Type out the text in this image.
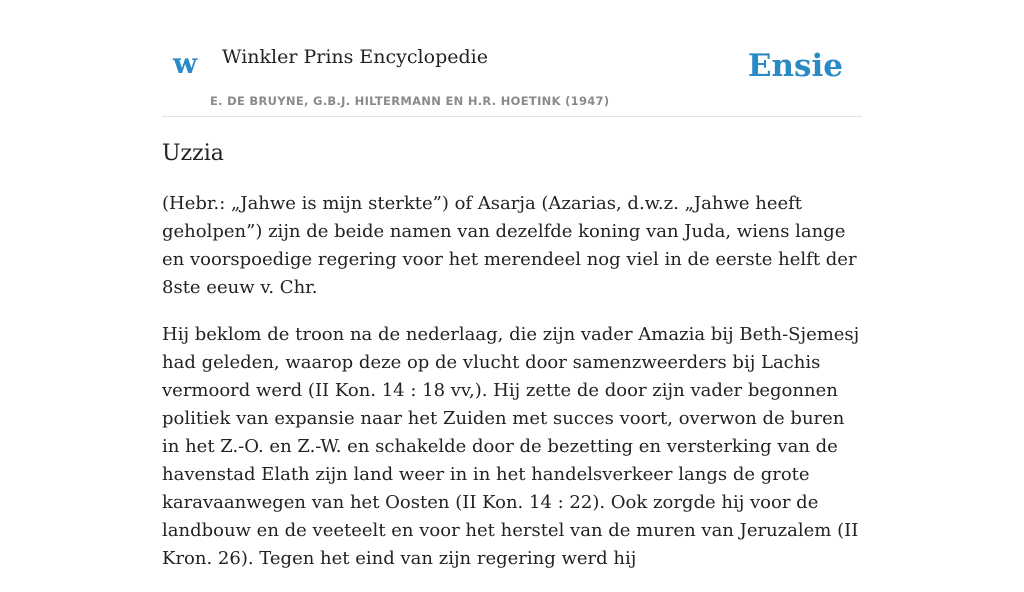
w Winkler Prins Encyclopedie
E. DE BRUYNE, G.B.J. HILTERMANN EN H.R. HOETINK (1947)
Ensie
Uzzia

(Hebr.: „Jahwe is mijn sterkte”) of Asarja (Azarias, d.w.z. „Jahwe heeft geholpen”) zijn de beide namen van dezelfde koning van Juda, wiens lange en voorspoedige regering voor het merendeel nog viel in de eerste helft der 8ste eeuw v. Chr.

Hij beklom de troon na de nederlaag, die zijn vader Amazia bij Beth-Sjemesj had geleden, waarop deze op de vlucht door samenzweerders bij Lachis vermoord werd (II Kon. 14 : 18 vv,). Hij zette de door zijn vader begonnen politiek van expansie naar het Zuiden met succes voort, overwon de buren in het Z.-O. en Z.-W. en schakelde door de bezetting en versterking van de havenstad Elath zijn land weer in in het handelsverkeer langs de grote karavaanwegen van het Oosten (II Kon. 14 : 22). Ook zorgde hij voor de landbouw en de veeteelt en voor het herstel van de muren van Jeruzalem (II Kron. 26). Tegen het eind van zijn regering werd hij
